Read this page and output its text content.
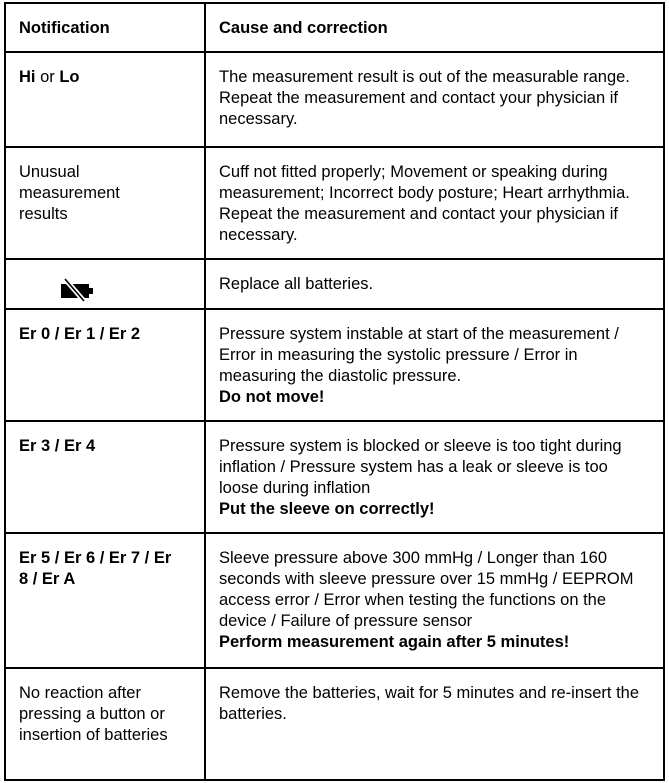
Notification	Cause and correction
Hi or Lo	The measurement result is out of the measurable range. Repeat the measurement and contact your physician if necessary.

Unusual measurement results	Cuff not fitted properly; Movement or speaking during measurement; Incorrect body posture; Heart arrhythmia. Repeat the measurement and contact your physician if necessary.

	Replace all batteries.
Er 0 / Er 1 / Er 2	Pressure system instable at start of the measurement / Error in measuring the systolic pressure / Error in measuring the diastolic pressure.
Do not move!
Er 3 / Er 4	Pressure system is blocked or sleeve is too tight during inflation / Pressure system has a leak or sleeve is too loose during inflation
Put the sleeve on correctly!

Er 5 / Er 6 / Er 7 / Er 8 / Er A	Sleeve pressure above 300 mmHg / Longer than 160 seconds with sleeve pressure over 15 mmHg / EEPROM access error / Error when testing the functions on the device / Failure of pressure sensor
Perform measurement again after 5 minutes!
No reaction after pressing a button or insertion of batteries	Remove the batteries, wait for 5 minutes and re-insert the batteries.
